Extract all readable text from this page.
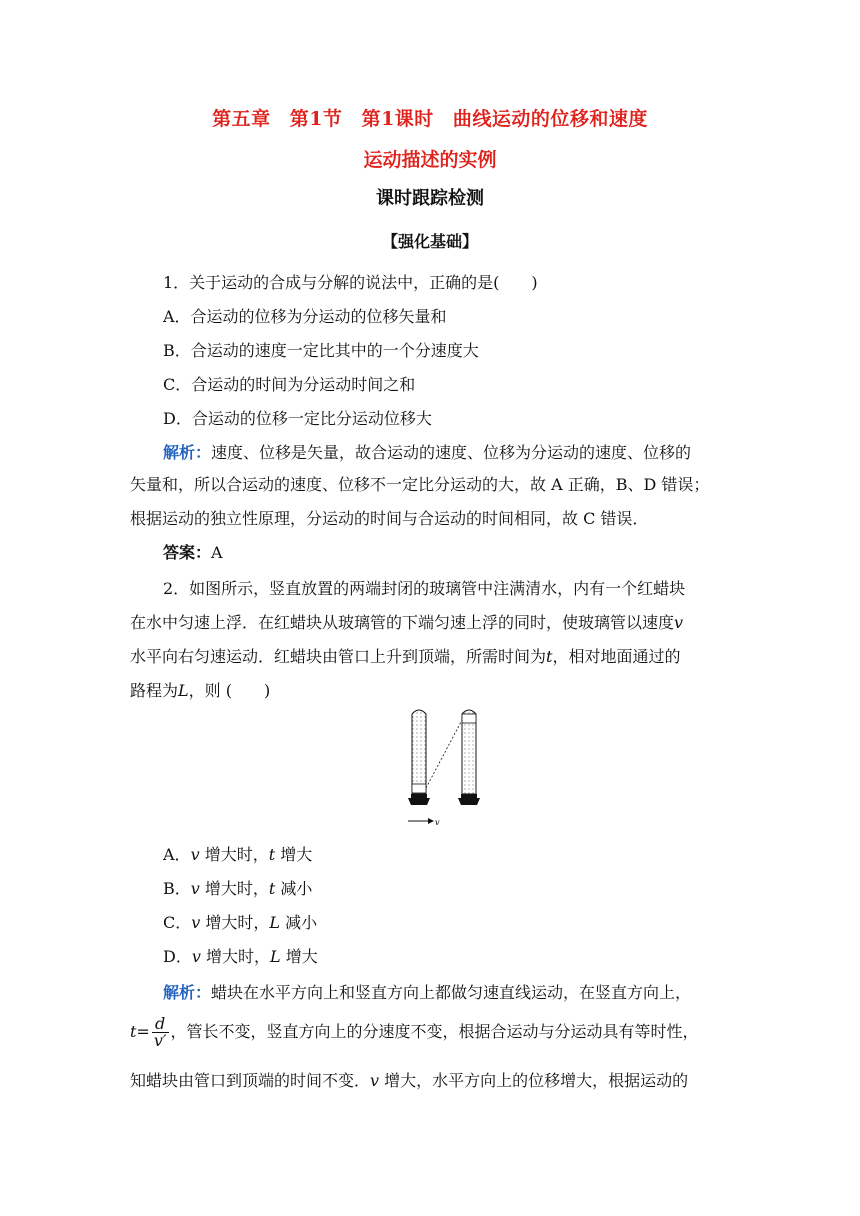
第五章 第1节 第1课时 曲线运动的位移和速度
运动描述的实例
课时跟踪检测
【强化基础】
1．关于运动的合成与分解的说法中，正确的是(　　)
A．合运动的位移为分运动的位移矢量和
B．合运动的速度一定比其中的一个分速度大
C．合运动的时间为分运动时间之和
D．合运动的位移一定比分运动位移大
解析：速度、位移是矢量，故合运动的速度、位移为分运动的速度、位移的
矢量和，所以合运动的速度、位移不一定比分运动的大，故 A 正确，B、D 错误；
根据运动的独立性原理，分运动的时间与合运动的时间相同，故 C 错误．
答案：A
2．如图所示，竖直放置的两端封闭的玻璃管中注满清水，内有一个红蜡块
在水中匀速上浮．在红蜡块从玻璃管的下端匀速上浮的同时，使玻璃管以速度v
水平向右匀速运动．红蜡块由管口上升到顶端，所需时间为t，相对地面通过的
路程为L，则 (　　)
v
A．v 增大时，t 增大
B．v 增大时，t 减小
C．v 增大时，L 减小
D．v 增大时，L 增大
解析：蜡块在水平方向上和竖直方向上都做匀速直线运动，在竖直方向上，
$t= \frac{d}{v'}$ ，管长不变，竖直方向上的分速度不变，根据合运动与分运动具有等时性，
知蜡块由管口到顶端的时间不变．v 增大，水平方向上的位移增大，根据运动的
